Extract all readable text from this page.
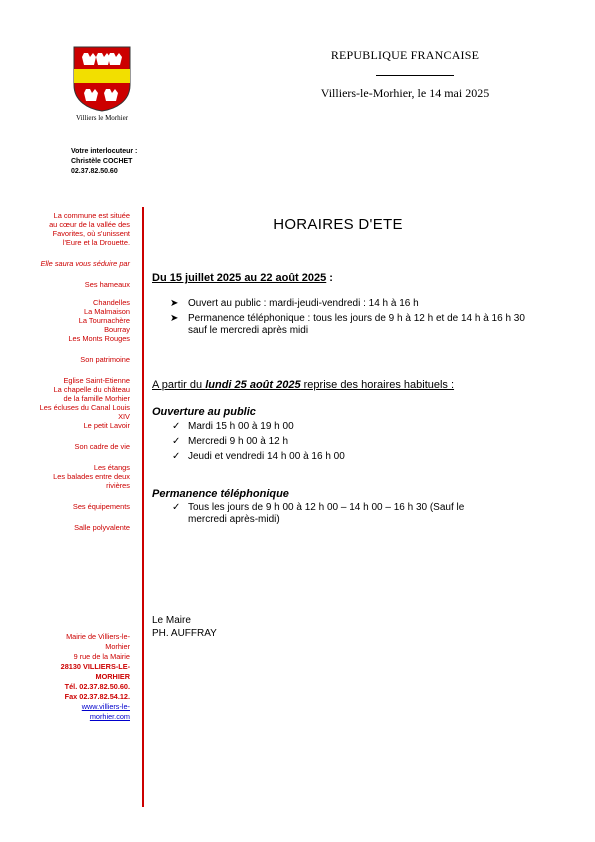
Villiers le Morhier
REPUBLIQUE FRANCAISE
Villiers-le-Morhier, le 14 mai 2025
Votre interlocuteur :
Christèle COCHET
02.37.82.50.60
La commune est située
au cœur de la vallée des
Favorites, où s'unissent
l'Eure et la Drouette.
Elle saura vous séduire par
Ses hameaux
Chandelles
La Malmaison
La Tournachère
Bourray
Les Monts Rouges
Son patrimoine
Eglise Saint-Etienne
La chapelle du château
de la famille Morhier
Les écluses du Canal Louis
XIV
Le petit Lavoir
Son cadre de vie
Les étangs
Les balades entre deux
rivières
Ses équipements
Salle polyvalente
Mairie de Villiers-le-
Morhier
9 rue de la Mairie
28130 VILLIERS-LE-
MORHIER
Tél. 02.37.82.50.60.
Fax 02.37.82.54.12.
www.villiers-le-
morhier.com
HORAIRES D'ETE
Du 15 juillet 2025 au 22 août 2025 :
➤ Ouvert au public : mardi-jeudi-vendredi : 14 h à 16 h
➤ Permanence téléphonique : tous les jours de 9 h à 12 h et de 14 h à 16 h 30 sauf le mercredi après midi
A partir du lundi 25 août 2025 reprise des horaires habituels :
Ouverture au public
✓ Mardi 15 h 00 à 19 h 00
✓ Mercredi 9 h 00 à 12 h
✓ Jeudi et vendredi 14 h 00 à 16 h 00
Permanence téléphonique
✓ Tous les jours de 9 h 00 à 12 h 00 – 14 h 00 – 16 h 30 (Sauf le mercredi après-midi)
Le Maire
PH. AUFFRAY
